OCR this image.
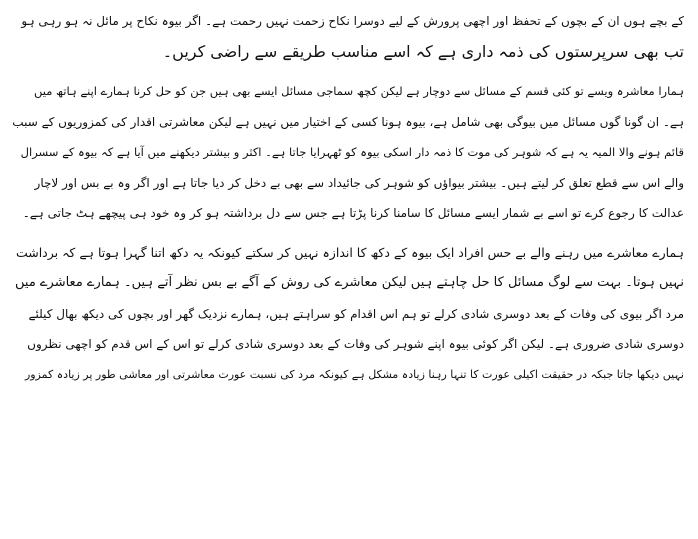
کے بچے ہوں ان کے بچوں کے تحفظ اور اچھی پرورش کے لیے دوسرا نکاح زحمت نہیں رحمت ہے۔ اگر بیوہ نکاح پر مائل نہ ہو رہی ہو
تب بھی سرپرستوں کی ذمہ داری ہے کہ اسے مناسب طریقے سے راضی کریں۔
ہمارا معاشرہ ویسے تو کئی قسم کے مسائل سے دوچار ہے لیکن کچھ سماجی مسائل ایسے بھی ہیں جن کو حل کرنا ہمارے اپنے ہاتھ میں
ہے۔ ان گونا گوں مسائل میں بیوگی بھی شامل ہے، بیوہ ہونا کسی کے اختیار میں نہیں ہے لیکن معاشرتی اقدار کی کمزوریوں کے سبب
قائم ہونے والا المیہ یہ ہے کہ شوہر کی موت کا ذمہ دار اسکی بیوہ کو ٹھہرایا جاتا ہے۔ اکثر و بیشتر دیکھنے میں آیا ہے کہ بیوہ کے سسرال
والے اس سے قطع تعلق کر لیتے ہیں۔ بیشتر بیواؤں کو شوہر کی جائیداد سے بھی بے دخل کر دیا جاتا ہے اور اگر وہ بے بس اور لاچار
عدالت کا رجوع کرے تو اسے بے شمار ایسے مسائل کا سامنا کرنا پڑتا ہے جس سے دل برداشتہ ہو کر وہ خود ہی پیچھے ہٹ جاتی ہے۔
ہمارے معاشرے میں رہنے والے بے حس افراد ایک بیوہ کے دکھ کا اندازہ نہیں کر سکتے کیونکہ یہ دکھ اتنا گہرا ہوتا ہے کہ برداشت
نہیں ہوتا۔ بہت سے لوگ مسائل کا حل چاہتے ہیں لیکن معاشرے کی روش کے آگے بے بس نظر آتے ہیں۔ ہمارے معاشرے میں
مرد اگر بیوی کی وفات کے بعد دوسری شادی کرلے تو ہم اس اقدام کو سراہتے ہیں، ہمارے نزدیک گھر اور بچوں کی دیکھ بھال کیلئے
دوسری شادی ضروری ہے۔ لیکن اگر کوئی بیوہ اپنے شوہر کی وفات کے بعد دوسری شادی کرلے تو اس کے اس قدم کو اچھی نظروں
نہیں دیکھا جاتا جبکہ در حقیقت اکیلی عورت کا تنہا رہنا زیادہ مشکل ہے کیونکہ مرد کی نسبت عورت معاشرتی اور معاشی طور پر زیادہ کمزور
